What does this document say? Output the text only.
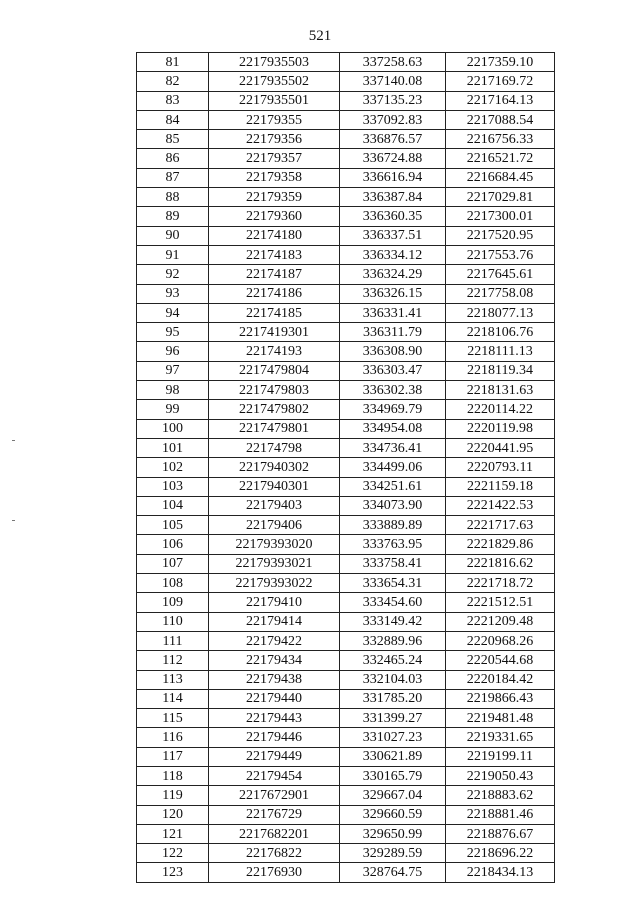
521
81	2217935503	337258.63	2217359.10
82	2217935502	337140.08	2217169.72
83	2217935501	337135.23	2217164.13
84	22179355	337092.83	2217088.54
85	22179356	336876.57	2216756.33
86	22179357	336724.88	2216521.72
87	22179358	336616.94	2216684.45
88	22179359	336387.84	2217029.81
89	22179360	336360.35	2217300.01
90	22174180	336337.51	2217520.95
91	22174183	336334.12	2217553.76
92	22174187	336324.29	2217645.61
93	22174186	336326.15	2217758.08
94	22174185	336331.41	2218077.13
95	2217419301	336311.79	2218106.76
96	22174193	336308.90	2218111.13
97	2217479804	336303.47	2218119.34
98	2217479803	336302.38	2218131.63
99	2217479802	334969.79	2220114.22
100	2217479801	334954.08	2220119.98
101	22174798	334736.41	2220441.95
102	2217940302	334499.06	2220793.11
103	2217940301	334251.61	2221159.18
104	22179403	334073.90	2221422.53
105	22179406	333889.89	2221717.63
106	22179393020	333763.95	2221829.86
107	22179393021	333758.41	2221816.62
108	22179393022	333654.31	2221718.72
109	22179410	333454.60	2221512.51
110	22179414	333149.42	2221209.48
111	22179422	332889.96	2220968.26
112	22179434	332465.24	2220544.68
113	22179438	332104.03	2220184.42
114	22179440	331785.20	2219866.43
115	22179443	331399.27	2219481.48
116	22179446	331027.23	2219331.65
117	22179449	330621.89	2219199.11
118	22179454	330165.79	2219050.43
119	2217672901	329667.04	2218883.62
120	22176729	329660.59	2218881.46
121	2217682201	329650.99	2218876.67
122	22176822	329289.59	2218696.22
123	22176930	328764.75	2218434.13
